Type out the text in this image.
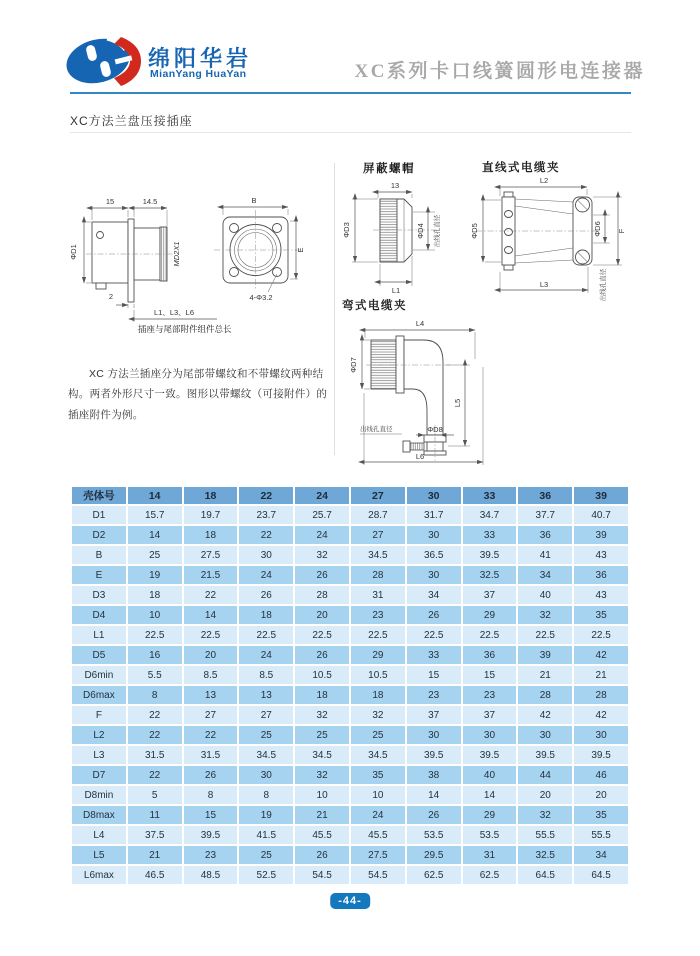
绵阳华岩
MianYang HuaYan	XC系列卡口线簧圆形电连接器
XC方法兰盘压接插座
15	14.5
ΦD1	MD2X1
2
L1、L3、L6
插座与尾部附件组件总长
B
E
4-Φ3.2
屏蔽螺帽
13
ΦD3	ΦD4	出线孔直径
L1
直线式电缆夹
L2
ΦD5	ΦD6 F
出线孔直径
L3
弯式电缆夹
L4
ΦD7
L5
出线孔直径	ΦD8
L6
XC 方法兰插座分为尾部带螺纹和不带螺纹两种结构。两者外形尺寸一致。图形以带螺纹（可接附件）的插座附件为例。
壳体号	14	18	22	24	27	30	33	36	39
D1	15.7	19.7	23.7	25.7	28.7	31.7	34.7	37.7	40.7
D2	14	18	22	24	27	30	33	36	39
B	25	27.5	30	32	34.5	36.5	39.5	41	43
E	19	21.5	24	26	28	30	32.5	34	36
D3	18	22	26	28	31	34	37	40	43
D4	10	14	18	20	23	26	29	32	35
L1	22.5	22.5	22.5	22.5	22.5	22.5	22.5	22.5	22.5
D5	16	20	24	26	29	33	36	39	42
D6min	5.5	8.5	8.5	10.5	10.5	15	15	21	21
D6max	8	13	13	18	18	23	23	28	28
F	22	27	27	32	32	37	37	42	42
L2	22	22	25	25	25	30	30	30	30
L3	31.5	31.5	34.5	34.5	34.5	39.5	39.5	39.5	39.5
D7	22	26	30	32	35	38	40	44	46
D8min	5	8	8	10	10	14	14	20	20
D8max	11	15	19	21	24	26	29	32	35
L4	37.5	39.5	41.5	45.5	45.5	53.5	53.5	55.5	55.5
L5	21	23	25	26	27.5	29.5	31	32.5	34
L6max	46.5	48.5	52.5	54.5	54.5	62.5	62.5	64.5	64.5
-44-
